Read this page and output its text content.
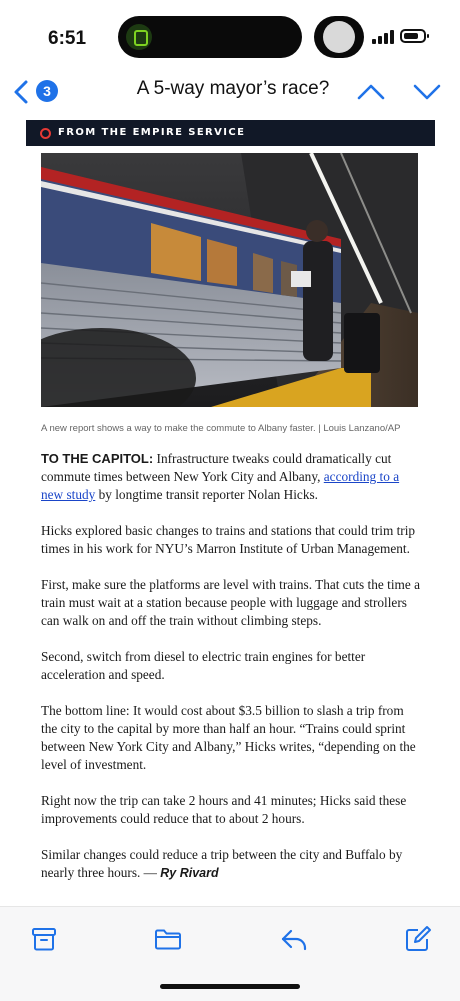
6:51
3	A 5-way mayor’s race?
FROM THE EMPIRE SERVICE
A new report shows a way to make the commute to Albany faster. | Louis Lanzano/AP

TO THE CAPITOL: Infrastructure tweaks could dramatically cut commute times between New York City and Albany, according to a new study by longtime transit reporter Nolan Hicks.

Hicks explored basic changes to trains and stations that could trim trip times in his work for NYU’s Marron Institute of Urban Management.

First, make sure the platforms are level with trains. That cuts the time a train must wait at a station because people with luggage and strollers can walk on and off the train without climbing steps.

Second, switch from diesel to electric train engines for better acceleration and speed.

The bottom line: It would cost about $3.5 billion to slash a trip from the city to the capital by more than half an hour. “Trains could sprint between New York City and Albany,” Hicks writes, “depending on the level of investment.

Right now the trip can take 2 hours and 41 minutes; Hicks said these improvements could reduce that to about 2 hours.

Similar changes could reduce a trip between the city and Buffalo by nearly three hours. — Ry Rivard
